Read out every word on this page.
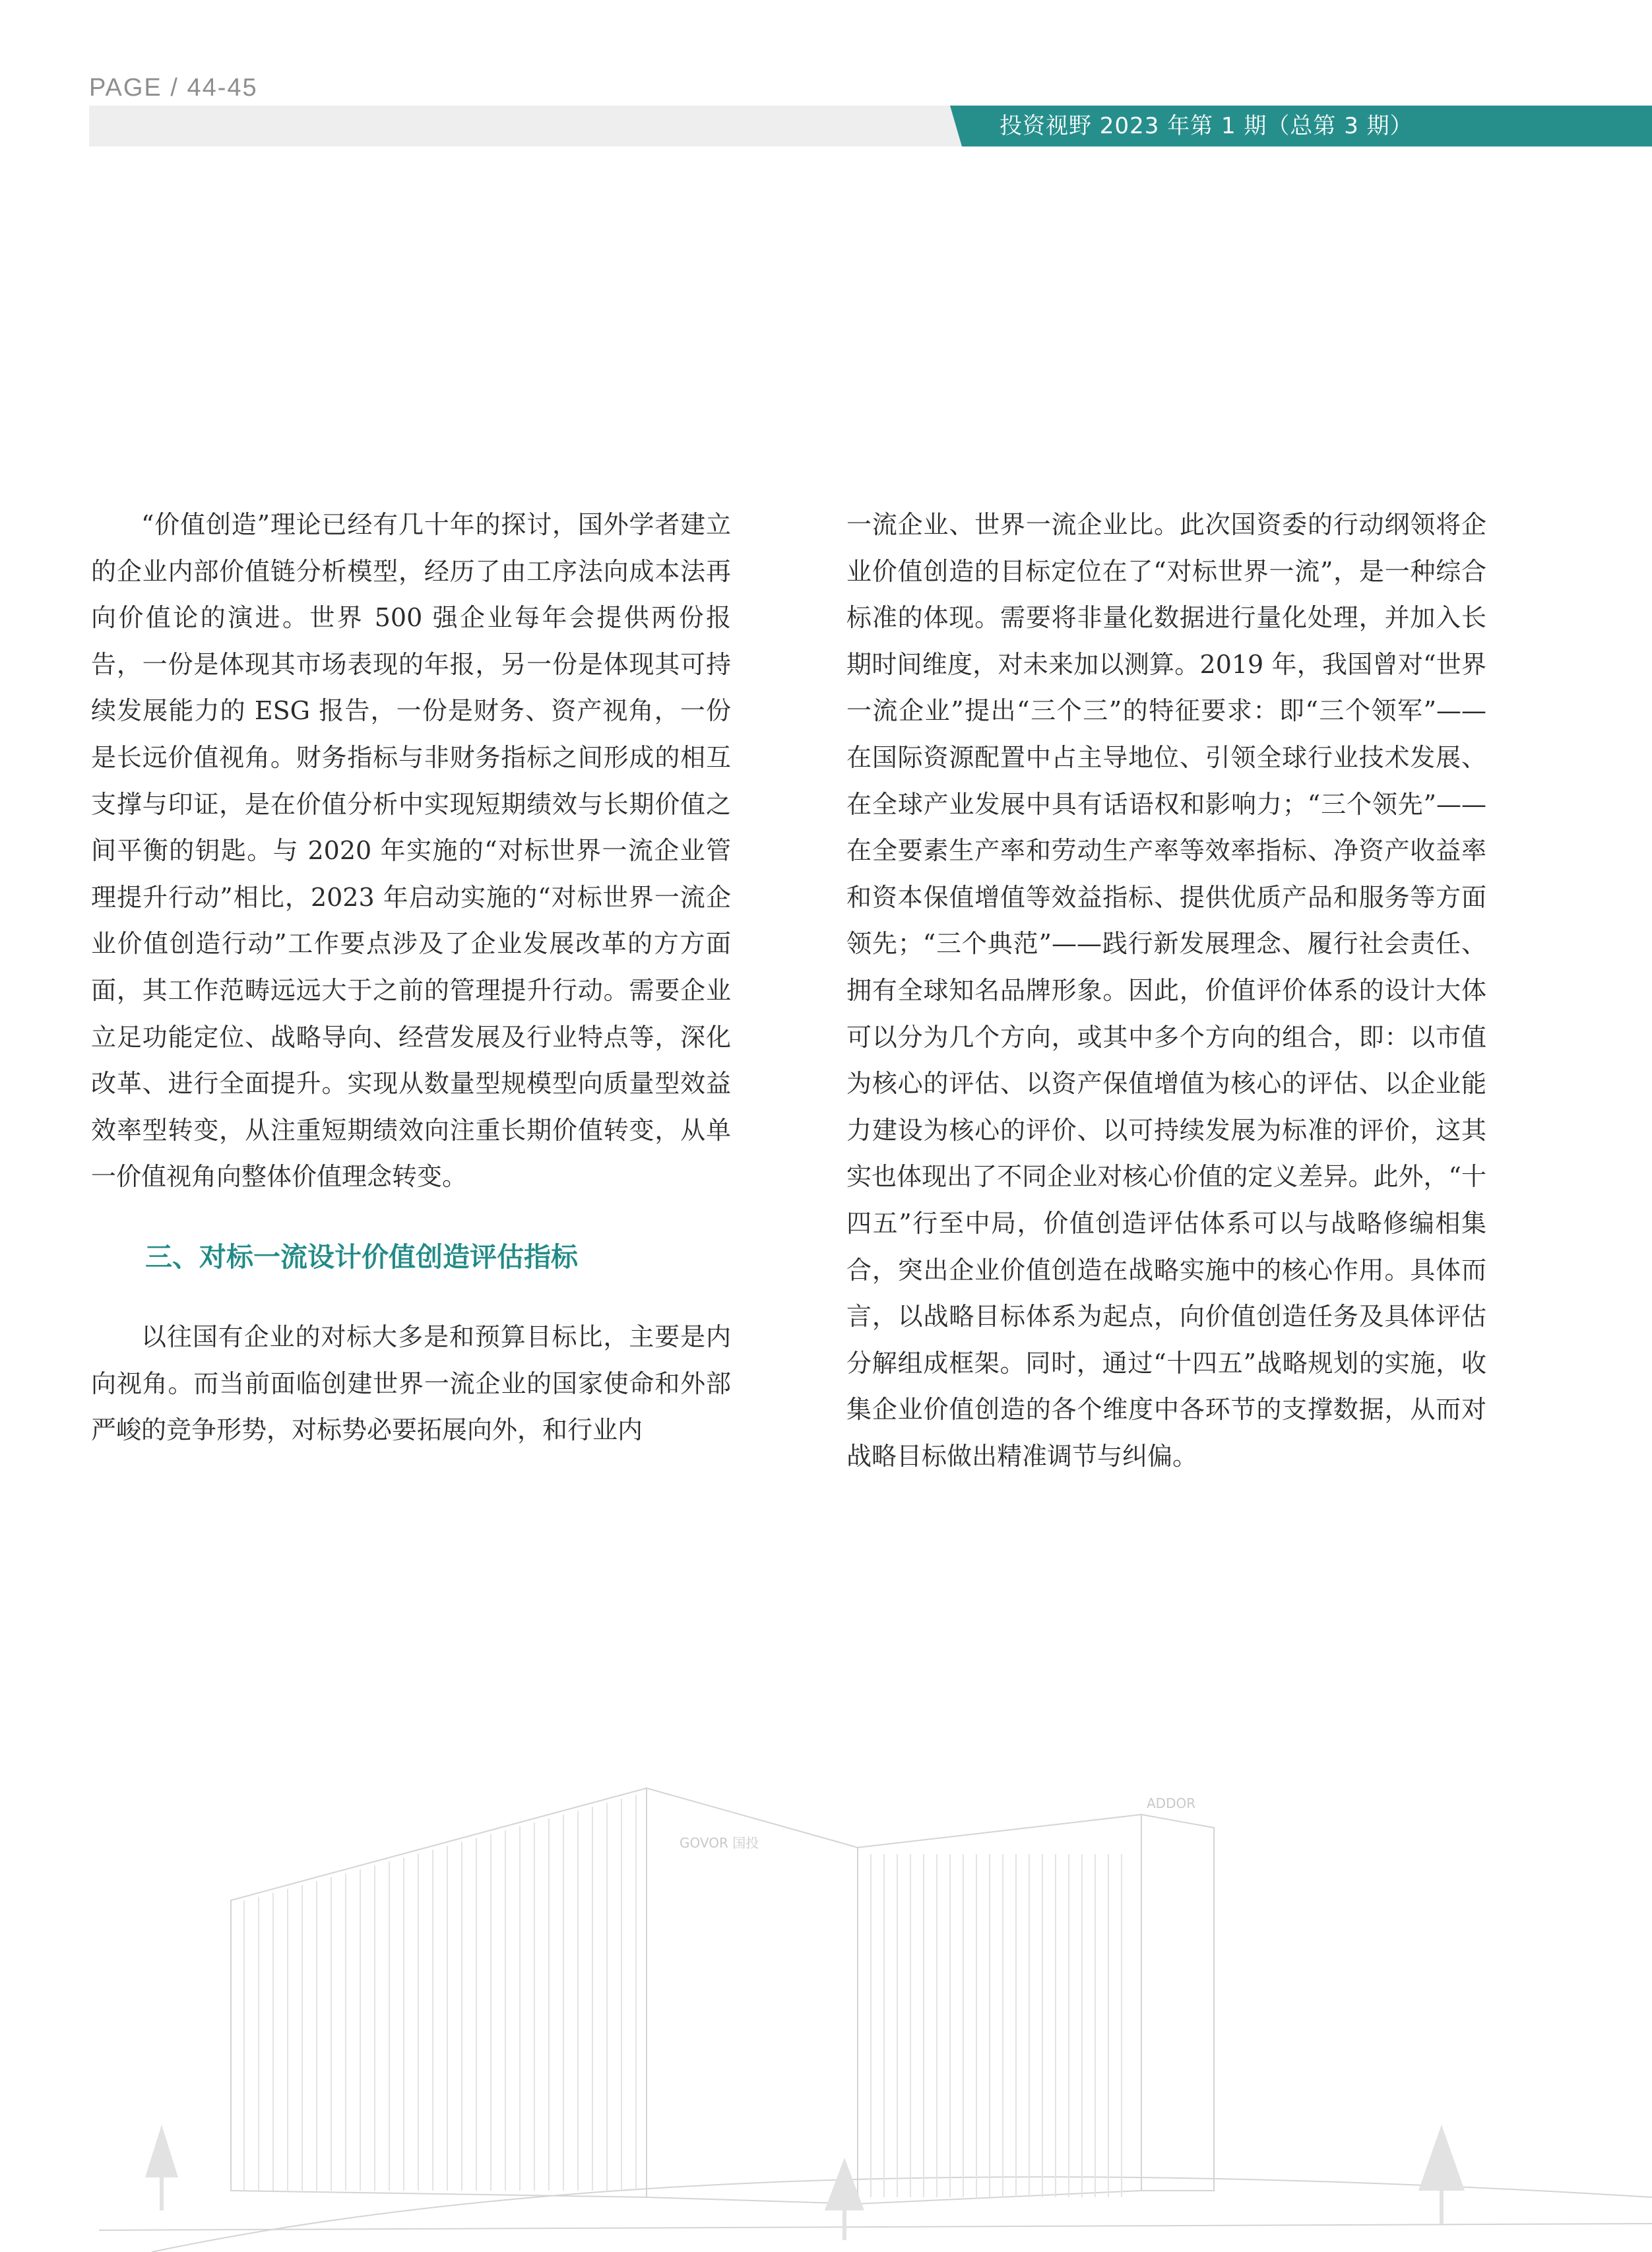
PAGE / 44-45
投资视野 2023 年第 1 期（总第 3 期）

“价值创造”理论已经有几十年的探讨，国外学者建立的企业内部价值链分析模型，经历了由工序法向成本法再向价值论的演进。世界 500 强企业每年会提供两份报告，一份是体现其市场表现的年报，另一份是体现其可持续发展能力的 ESG 报告，一份是财务、资产视角，一份是长远价值视角。财务指标与非财务指标之间形成的相互支撑与印证，是在价值分析中实现短期绩效与长期价值之间平衡的钥匙。与 2020 年实施的“对标世界一流企业管理提升行动”相比，2023 年启动实施的“对标世界一流企业价值创造行动”工作要点涉及了企业发展改革的方方面面，其工作范畴远远大于之前的管理提升行动。需要企业立足功能定位、战略导向、经营发展及行业特点等，深化改革、进行全面提升。实现从数量型规模型向质量型效益效率型转变，从注重短期绩效向注重长期价值转变，从单一价值视角向整体价值理念转变。

三、对标一流设计价值创造评估指标

以往国有企业的对标大多是和预算目标比，主要是内向视角。而当前面临创建世界一流企业的国家使命和外部严峻的竞争形势，对标势必要拓展向外，和行业内

一流企业、世界一流企业比。此次国资委的行动纲领将企业价值创造的目标定位在了“对标世界一流”，是一种综合标准的体现。需要将非量化数据进行量化处理，并加入长期时间维度，对未来加以测算。2019 年，我国曾对“世界一流企业”提出“三个三”的特征要求：即“三个领军”——在国际资源配置中占主导地位、引领全球行业技术发展、在全球产业发展中具有话语权和影响力；“三个领先”——在全要素生产率和劳动生产率等效率指标、净资产收益率和资本保值增值等效益指标、提供优质产品和服务等方面领先；“三个典范”——践行新发展理念、履行社会责任、拥有全球知名品牌形象。因此，价值评价体系的设计大体可以分为几个方向，或其中多个方向的组合，即：以市值为核心的评估、以资产保值增值为核心的评估、以企业能力建设为核心的评价、以可持续发展为标准的评价，这其实也体现出了不同企业对核心价值的定义差异。此外，“十四五”行至中局，价值创造评估体系可以与战略修编相集合，突出企业价值创造在战略实施中的核心作用。具体而言，以战略目标体系为起点，向价值创造任务及具体评估分解组成框架。同时，通过“十四五”战略规划的实施，收集企业价值创造的各个维度中各环节的支撑数据，从而对战略目标做出精准调节与纠偏。

GOVOR 国投
ADDOR
